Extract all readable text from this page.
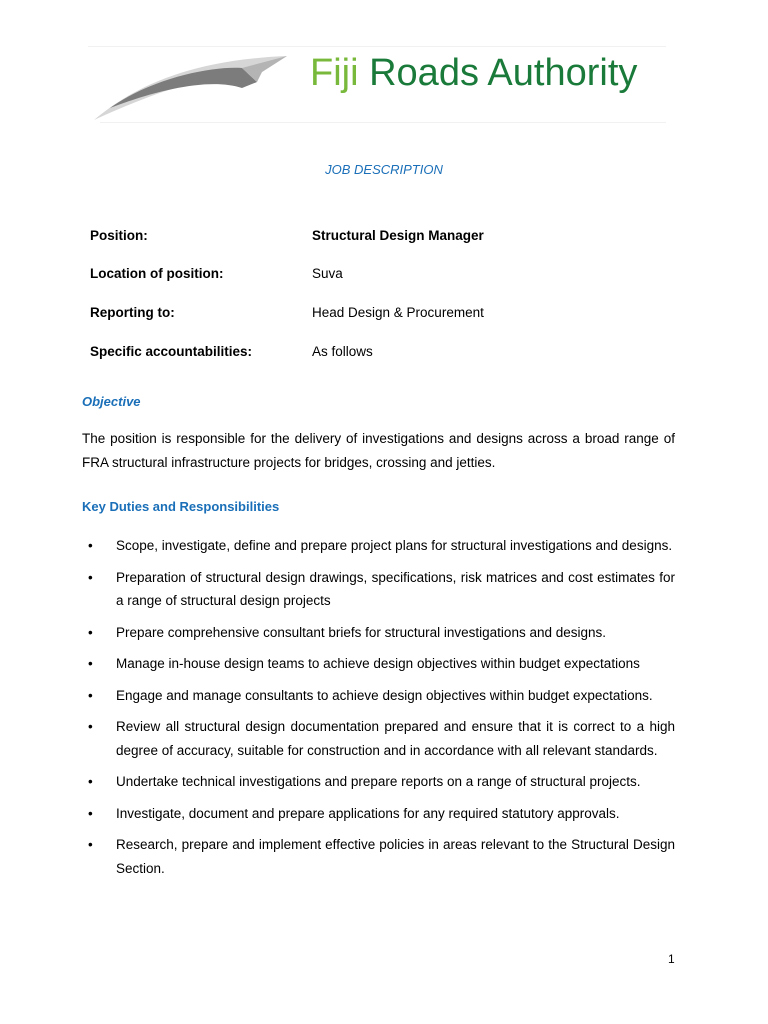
Fiji Roads Authority
JOB DESCRIPTION
Position:	Structural Design Manager
Location of position:	Suva
Reporting to:	Head Design & Procurement
Specific accountabilities:	As follows
Objective
The position is responsible for the delivery of investigations and designs across a broad range of FRA structural infrastructure projects for bridges, crossing and jetties.
Key Duties and Responsibilities
• Scope, investigate, define and prepare project plans for structural investigations and designs.
• Preparation of structural design drawings, specifications, risk matrices and cost estimates for a range of structural design projects
• Prepare comprehensive consultant briefs for structural investigations and designs.
• Manage in-house design teams to achieve design objectives within budget expectations
• Engage and manage consultants to achieve design objectives within budget expectations.
• Review all structural design documentation prepared and ensure that it is correct to a high degree of accuracy, suitable for construction and in accordance with all relevant standards.
• Undertake technical investigations and prepare reports on a range of structural projects.
• Investigate, document and prepare applications for any required statutory approvals.
• Research, prepare and implement effective policies in areas relevant to the Structural Design Section.
1
